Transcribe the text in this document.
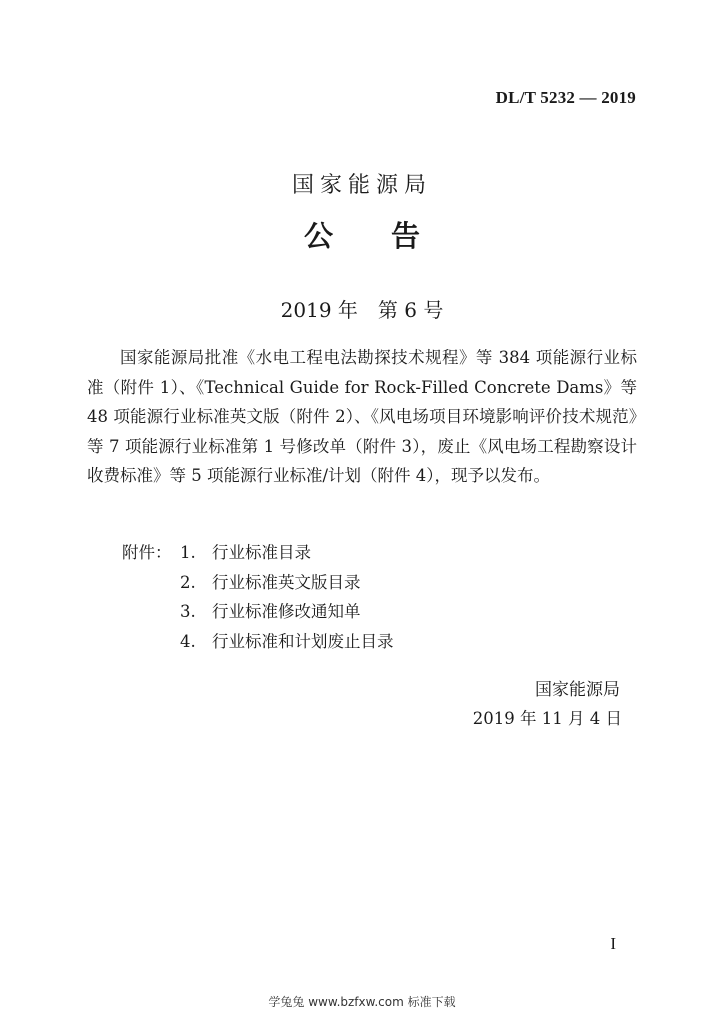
DL/T 5232 — 2019
国家能源局
公告
2019 年　第 6 号
国家能源局批准《水电工程电法勘探技术规程》等 384 项能源行业标准（附件 1）、《Technical Guide for Rock-Filled Concrete Dams》等 48 项能源行业标准英文版（附件 2）、《风电场项目环境影响评价技术规范》等 7 项能源行业标准第 1 号修改单（附件 3），废止《风电场工程勘察设计收费标准》等 5 项能源行业标准/计划（附件 4），现予以发布。
附件： 1. 行业标准目录
2. 行业标准英文版目录
3. 行业标准修改通知单
4. 行业标准和计划废止目录
国家能源局
2019 年 11 月 4 日
I
学兔兔 www.bzfxw.com 标准下载
